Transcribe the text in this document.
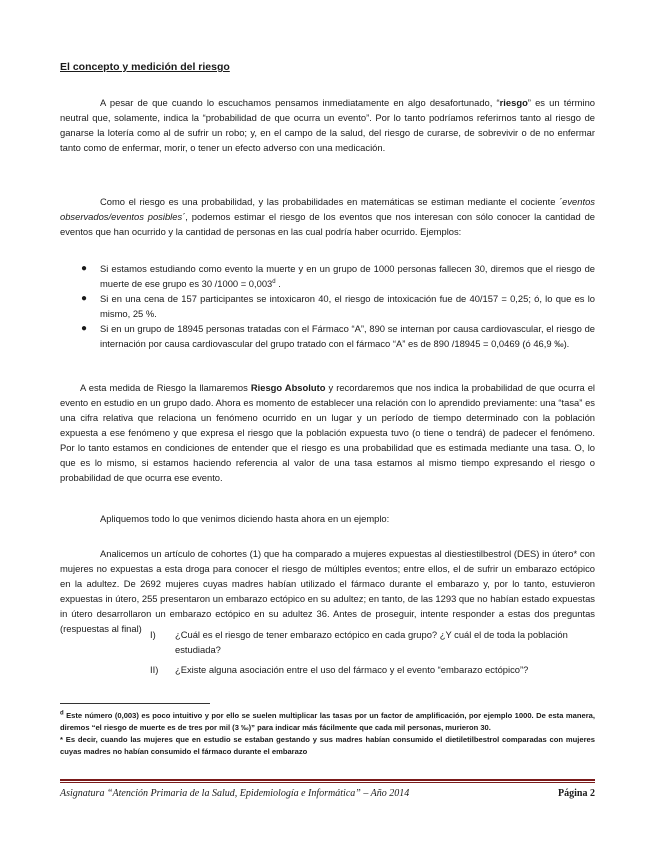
El concepto y medición del riesgo

A pesar de que cuando lo escuchamos pensamos inmediatamente en algo desafortunado, “riesgo” es un término neutral que, solamente, indica la “probabilidad de que ocurra un evento”. Por lo tanto podríamos referirnos tanto al riesgo de ganarse la lotería como al de sufrir un robo; y, en el campo de la salud, del riesgo de curarse, de sobrevivir o de no enfermar tanto como de enfermar, morir, o tener un efecto adverso con una medicación.

Como el riesgo es una probabilidad, y las probabilidades en matemáticas se estiman mediante el cociente ´eventos observados/eventos posibles´, podemos estimar el riesgo de los eventos que nos interesan con sólo conocer la cantidad de eventos que han ocurrido y la cantidad de personas en las cual podría haber ocurrido. Ejemplos:

● Si estamos estudiando como evento la muerte y en un grupo de 1000 personas fallecen 30, diremos que el riesgo de muerte de ese grupo es 30 /1000 = 0,003$^d$ .
● Si en una cena de 157 participantes se intoxicaron 40, el riesgo de intoxicación fue de 40/157 = 0,25; ó, lo que es lo mismo, 25 %.
● Si en un grupo de 18945 personas tratadas con el Fármaco “A”, 890 se internan por causa cardiovascular, el riesgo de internación por causa cardiovascular del grupo tratado con el fármaco “A” es de 890 /18945 = 0,0469 (ó 46,9 ‰).

A esta medida de Riesgo la llamaremos Riesgo Absoluto y recordaremos que nos indica la probabilidad de que ocurra el evento en estudio en un grupo dado. Ahora es momento de establecer una relación con lo aprendido previamente: una “tasa” es una cifra relativa que relaciona un fenómeno ocurrido en un lugar y un período de tiempo determinado con la población expuesta a ese fenómeno y que expresa el riesgo que la población expuesta tuvo (o tiene o tendrá) de padecer el fenómeno. Por lo tanto estamos en condiciones de entender que el riesgo es una probabilidad que es estimada mediante una tasa. O, lo que es lo mismo, si estamos haciendo referencia al valor de una tasa estamos al mismo tiempo expresando el riesgo o probabilidad de que ocurra ese evento.

Apliquemos todo lo que venimos diciendo hasta ahora en un ejemplo:

Analicemos un artículo de cohortes (1) que ha comparado a mujeres expuestas al diestiestilbestrol (DES) in útero* con mujeres no expuestas a esta droga para conocer el riesgo de múltiples eventos; entre ellos, el de sufrir un embarazo ectópico en la adultez. De 2692 mujeres cuyas madres habían utilizado el fármaco durante el embarazo y, por lo tanto, estuvieron expuestas in útero, 255 presentaron un embarazo ectópico en su adultez; en tanto, de las 1293 que no habían estado expuestas in útero desarrollaron un embarazo ectópico en su adultez 36. Antes de proseguir, intente responder a estas dos preguntas (respuestas al final)

I) ¿Cuál es el riesgo de tener embarazo ectópico en cada grupo? ¿Y cuál el de toda la población estudiada?
II) ¿Existe alguna asociación entre el uso del fármaco y el evento “embarazo ectópico”?

$^d$ Este número (0,003) es poco intuitivo y por ello se suelen multiplicar las tasas por un factor de amplificación, por ejemplo 1000. De esta manera, diremos “el riesgo de muerte es de tres por mil (3 ‰)” para indicar más fácilmente que cada mil personas, murieron 30.

* Es decir, cuando las mujeres que en estudio se estaban gestando y sus madres habían consumido el dietiletilbestrol comparadas con mujeres cuyas madres no habían consumido el fármaco durante el embarazo

Asignatura “Atención Primaria de la Salud, Epidemiología e Informática” – Año 2014	Página 2
